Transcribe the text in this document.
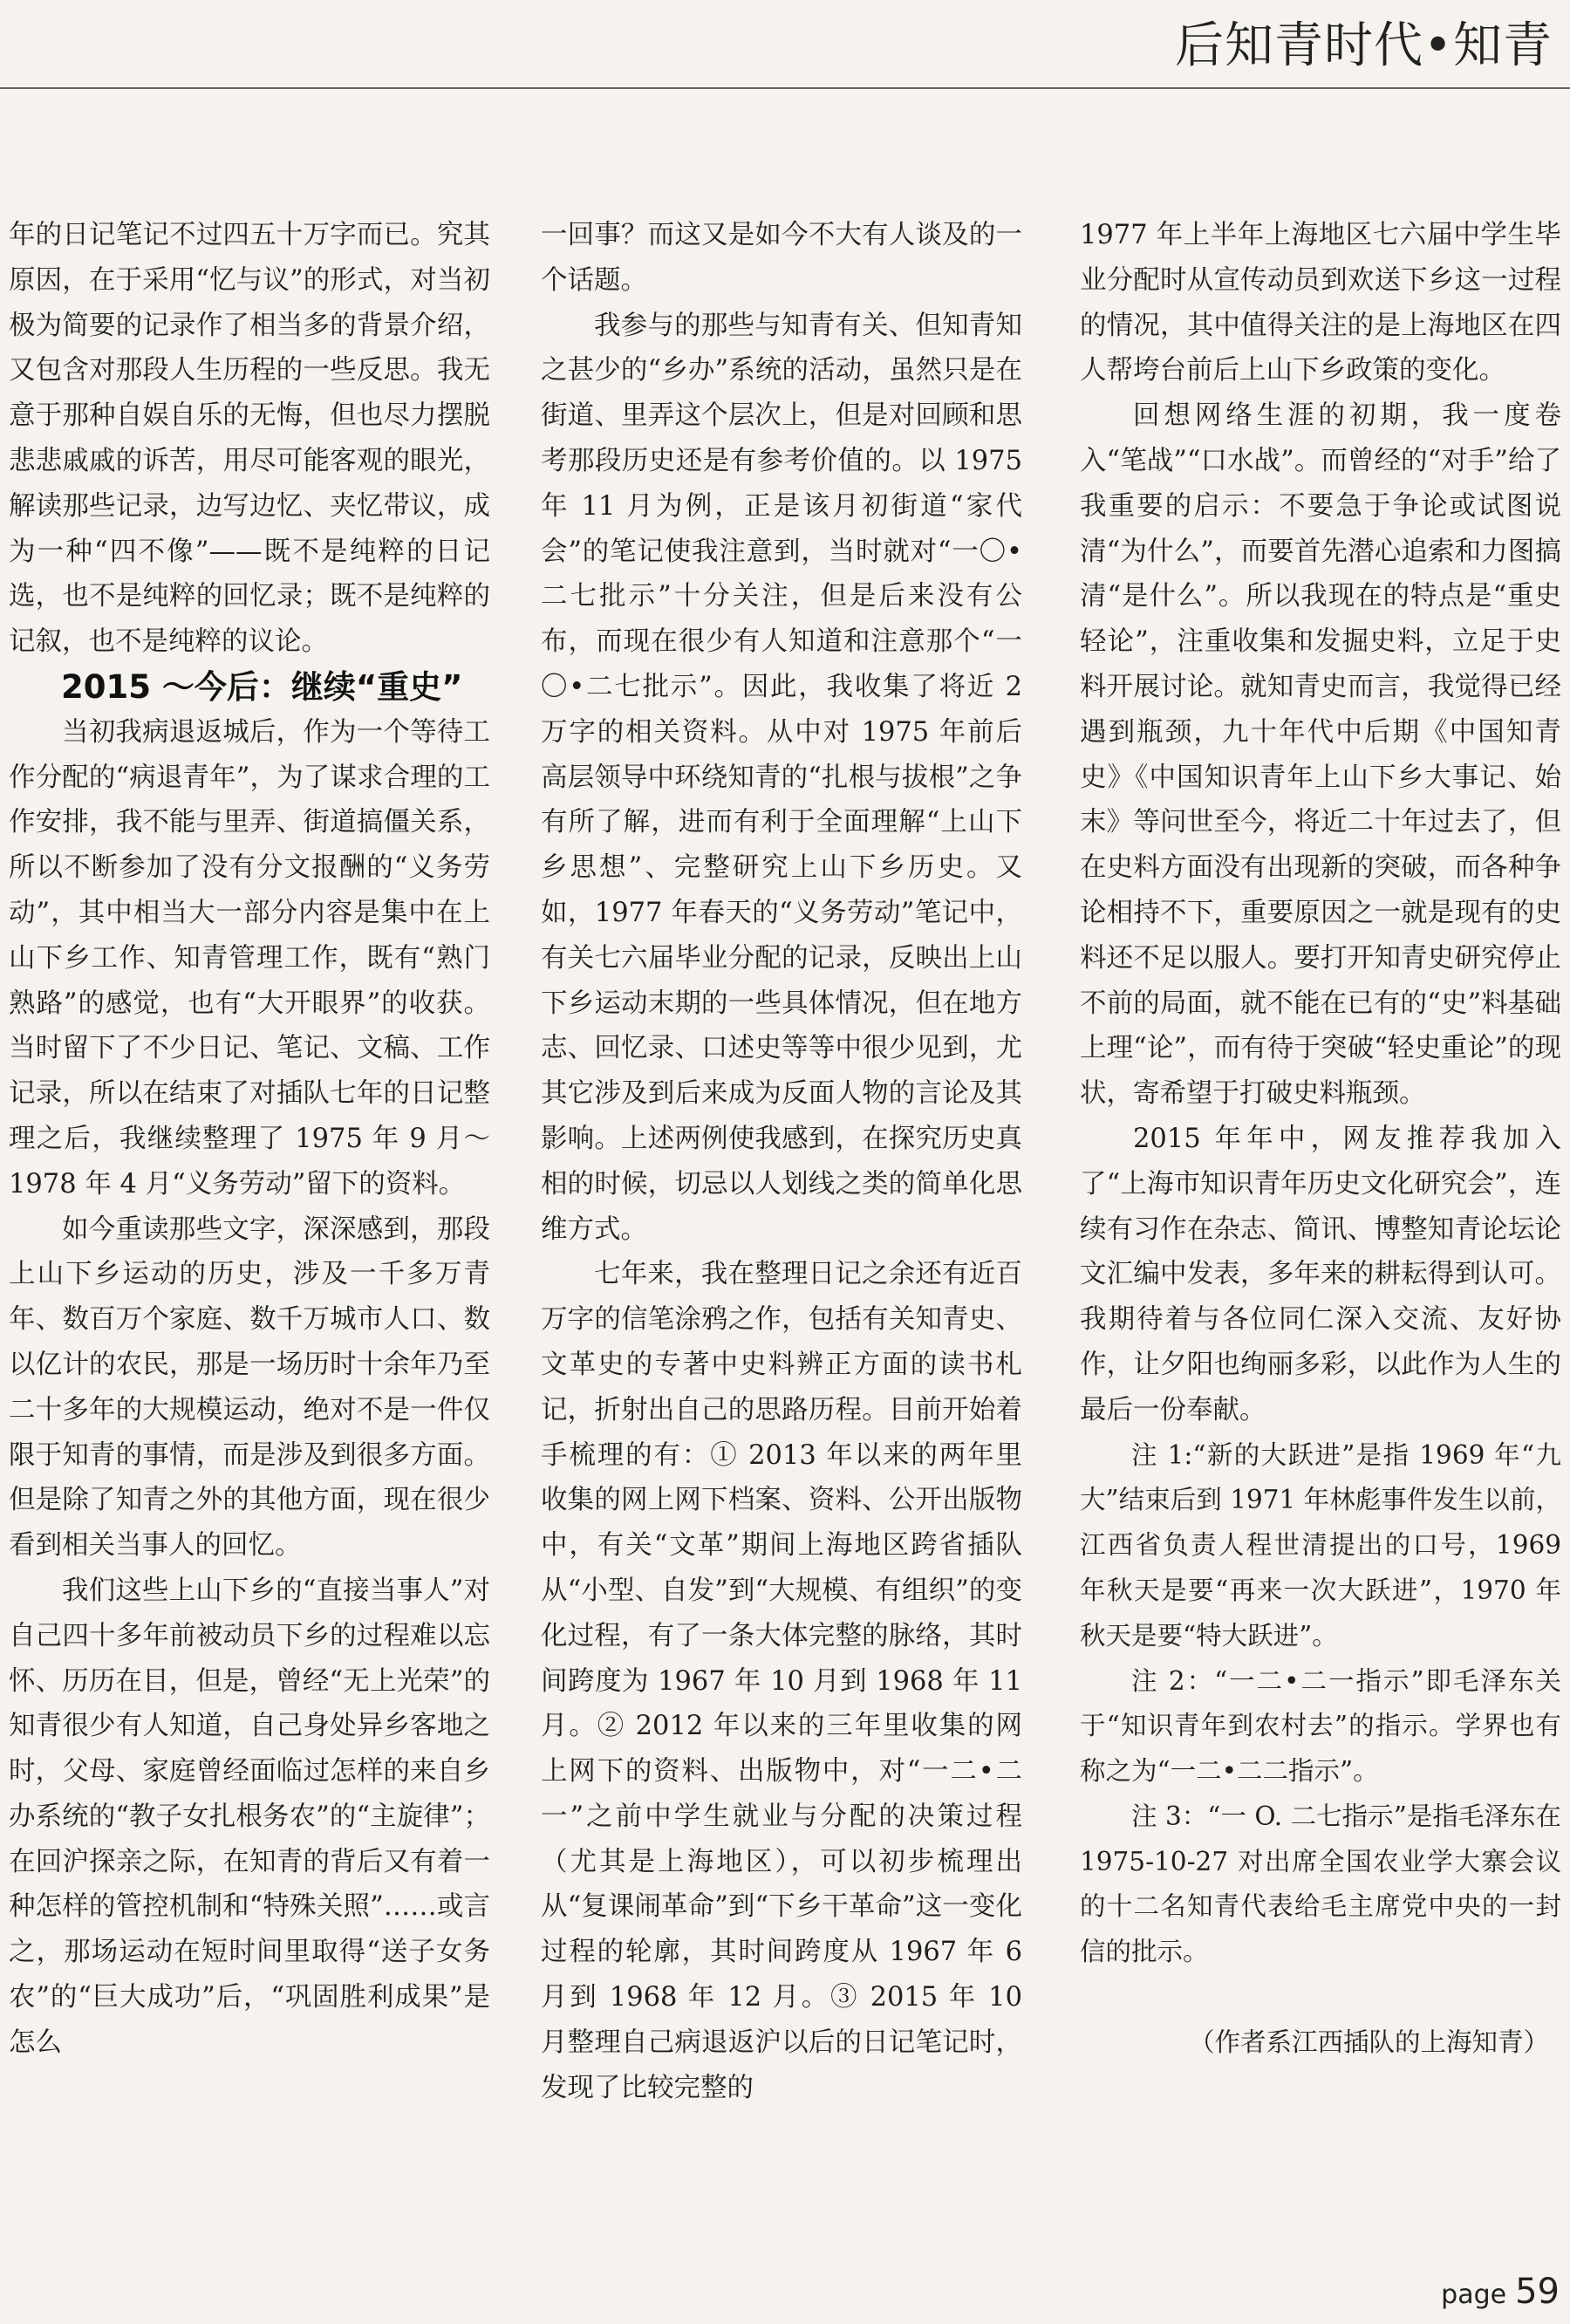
后知青时代•知青

年的日记笔记不过四五十万字而已。究其原因，在于采用“忆与议”的形式，对当初极为简要的记录作了相当多的背景介绍，又包含对那段人生历程的一些反思。我无意于那种自娱自乐的无悔，但也尽力摆脱悲悲戚戚的诉苦，用尽可能客观的眼光，解读那些记录，边写边忆、夹忆带议，成为一种“四不像”——既不是纯粹的日记选，也不是纯粹的回忆录；既不是纯粹的记叙，也不是纯粹的议论。

2015 ～今后：继续“重史”

当初我病退返城后，作为一个等待工作分配的“病退青年”，为了谋求合理的工作安排，我不能与里弄、街道搞僵关系，所以不断参加了没有分文报酬的“义务劳动”，其中相当大一部分内容是集中在上山下乡工作、知青管理工作，既有“熟门熟路”的感觉，也有“大开眼界”的收获。当时留下了不少日记、笔记、文稿、工作记录，所以在结束了对插队七年的日记整理之后，我继续整理了 1975 年 9 月～ 1978 年 4 月“义务劳动”留下的资料。

如今重读那些文字，深深感到，那段上山下乡运动的历史，涉及一千多万青年、数百万个家庭、数千万城市人口、数以亿计的农民，那是一场历时十余年乃至二十多年的大规模运动，绝对不是一件仅限于知青的事情，而是涉及到很多方面。但是除了知青之外的其他方面，现在很少看到相关当事人的回忆。

我们这些上山下乡的“直接当事人”对自己四十多年前被动员下乡的过程难以忘怀、历历在目，但是，曾经“无上光荣”的知青很少有人知道，自己身处异乡客地之时，父母、家庭曾经面临过怎样的来自乡办系统的“教子女扎根务农”的“主旋律”；在回沪探亲之际，在知青的背后又有着一种怎样的管控机制和“特殊关照”……或言之，那场运动在短时间里取得“送子女务农”的“巨大成功”后，“巩固胜利成果”是怎么

一回事？而这又是如今不大有人谈及的一个话题。

我参与的那些与知青有关、但知青知之甚少的“乡办”系统的活动，虽然只是在街道、里弄这个层次上，但是对回顾和思考那段历史还是有参考价值的。以 1975 年 11 月为例，正是该月初街道“家代会”的笔记使我注意到，当时就对“一〇•二七批示”十分关注，但是后来没有公布，而现在很少有人知道和注意那个“一〇•二七批示”。因此，我收集了将近 2 万字的相关资料。从中对 1975 年前后高层领导中环绕知青的“扎根与拔根”之争有所了解，进而有利于全面理解“上山下乡思想”、完整研究上山下乡历史。又如，1977 年春天的“义务劳动”笔记中，有关七六届毕业分配的记录，反映出上山下乡运动末期的一些具体情况，但在地方志、回忆录、口述史等等中很少见到，尤其它涉及到后来成为反面人物的言论及其影响。上述两例使我感到，在探究历史真相的时候，切忌以人划线之类的简单化思维方式。

七年来，我在整理日记之余还有近百万字的信笔涂鸦之作，包括有关知青史、文革史的专著中史料辨正方面的读书札记，折射出自己的思路历程。目前开始着手梳理的有：① 2013 年以来的两年里收集的网上网下档案、资料、公开出版物中，有关“文革”期间上海地区跨省插队从“小型、自发”到“大规模、有组织”的变化过程，有了一条大体完整的脉络，其时间跨度为 1967 年 10 月到 1968 年 11 月。② 2012 年以来的三年里收集的网上网下的资料、出版物中，对“一二•二一”之前中学生就业与分配的决策过程（尤其是上海地区），可以初步梳理出从“复课闹革命”到“下乡干革命”这一变化过程的轮廓，其时间跨度从 1967 年 6 月到 1968 年 12 月。③ 2015 年 10 月整理自己病退返沪以后的日记笔记时，发现了比较完整的

1977 年上半年上海地区七六届中学生毕业分配时从宣传动员到欢送下乡这一过程的情况，其中值得关注的是上海地区在四人帮垮台前后上山下乡政策的变化。

回想网络生涯的初期，我一度卷入“笔战”“口水战”。而曾经的“对手”给了我重要的启示：不要急于争论或试图说清“为什么”，而要首先潜心追索和力图搞清“是什么”。所以我现在的特点是“重史轻论”，注重收集和发掘史料，立足于史料开展讨论。就知青史而言，我觉得已经遇到瓶颈，九十年代中后期《中国知青史》《中国知识青年上山下乡大事记、始末》等问世至今，将近二十年过去了，但在史料方面没有出现新的突破，而各种争论相持不下，重要原因之一就是现有的史料还不足以服人。要打开知青史研究停止不前的局面，就不能在已有的“史”料基础上理“论”，而有待于突破“轻史重论”的现状，寄希望于打破史料瓶颈。

2015 年年中，网友推荐我加入了“上海市知识青年历史文化研究会”，连续有习作在杂志、简讯、博整知青论坛论文汇编中发表，多年来的耕耘得到认可。我期待着与各位同仁深入交流、友好协作，让夕阳也绚丽多彩，以此作为人生的最后一份奉献。

注 1:“新的大跃进”是指 1969 年“九大”结束后到 1971 年林彪事件发生以前，江西省负责人程世清提出的口号，1969 年秋天是要“再来一次大跃进”，1970 年秋天是要“特大跃进”。

注 2：“一二•二一指示”即毛泽东关于“知识青年到农村去”的指示。学界也有称之为“一二•二二指示”。

注 3：“一 O. 二七指示”是指毛泽东在 1975-10-27 对出席全国农业学大寨会议的十二名知青代表给毛主席党中央的一封信的批示。

（作者系江西插队的上海知青）
page 59
